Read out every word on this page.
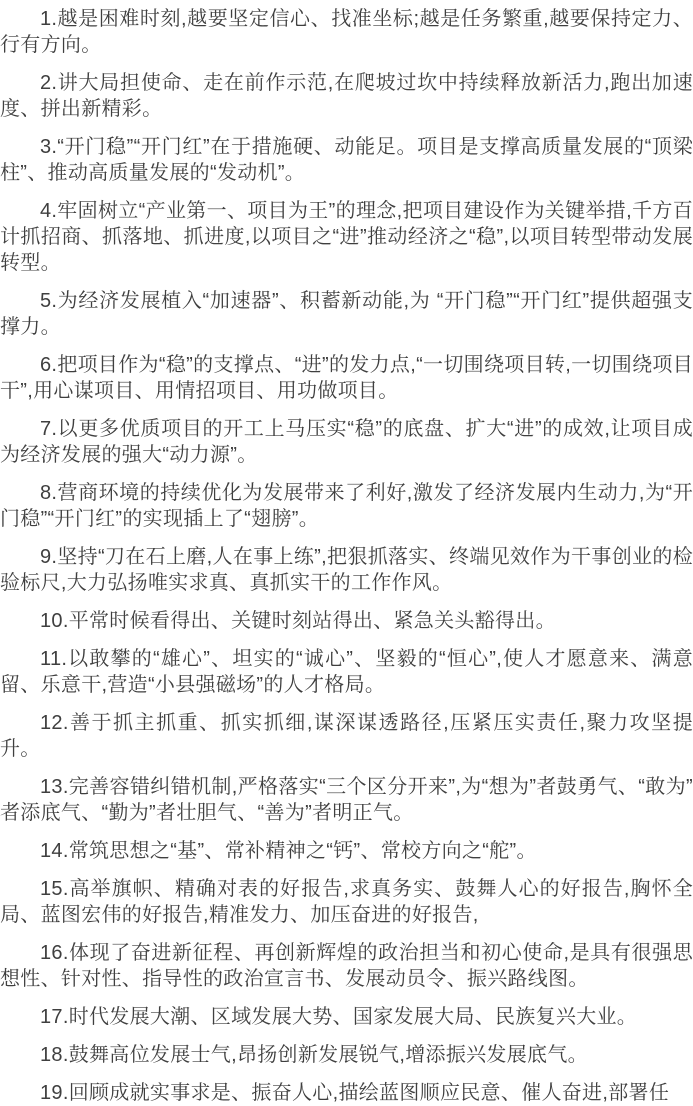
1.越是困难时刻,越要坚定信心、找准坐标;越是任务繁重,越要保持定力、行有方向。

2.讲大局担使命、走在前作示范,在爬坡过坎中持续释放新活力,跑出加速度、拼出新精彩。

3.“开门稳”“开门红”在于措施硬、动能足。项目是支撑高质量发展的“顶梁柱”、推动高质量发展的“发动机”。

4.牢固树立“产业第一、项目为王”的理念,把项目建设作为关键举措,千方百计抓招商、抓落地、抓进度,以项目之“进”推动经济之“稳”,以项目转型带动发展转型。

5.为经济发展植入“加速器”、积蓄新动能,为 “开门稳”“开门红”提供超强支撑力。

6.把项目作为“稳”的支撑点、“进”的发力点,“一切围绕项目转,一切围绕项目干”,用心谋项目、用情招项目、用功做项目。

7.以更多优质项目的开工上马压实“稳”的底盘、扩大“进”的成效,让项目成为经济发展的强大“动力源”。

8.营商环境的持续优化为发展带来了利好,激发了经济发展内生动力,为“开门稳”“开门红”的实现插上了“翅膀”。

9.坚持“刀在石上磨,人在事上练”,把狠抓落实、终端见效作为干事创业的检验标尺,大力弘扬唯实求真、真抓实干的工作作风。

10.平常时候看得出、关键时刻站得出、紧急关头豁得出。

11.以敢攀的“雄心”、坦实的“诚心”、坚毅的“恒心”,使人才愿意来、满意留、乐意干,营造“小县强磁场”的人才格局。

12.善于抓主抓重、抓实抓细,谋深谋透路径,压紧压实责任,聚力攻坚提升。

13.完善容错纠错机制,严格落实“三个区分开来”,为“想为”者鼓勇气、“敢为”者添底气、“勤为”者壮胆气、“善为”者明正气。

14.常筑思想之“基”、常补精神之“钙”、常校方向之“舵”。

15.高举旗帜、精确对表的好报告,求真务实、鼓舞人心的好报告,胸怀全局、蓝图宏伟的好报告,精准发力、加压奋进的好报告,

16.体现了奋进新征程、再创新辉煌的政治担当和初心使命,是具有很强思想性、针对性、指导性的政治宣言书、发展动员令、振兴路线图。

17.时代发展大潮、区域发展大势、国家发展大局、民族复兴大业。

18.鼓舞高位发展士气,昂扬创新发展锐气,增添振兴发展底气。

19.回顾成就实事求是、振奋人心,描绘蓝图顺应民意、催人奋进,部署任
